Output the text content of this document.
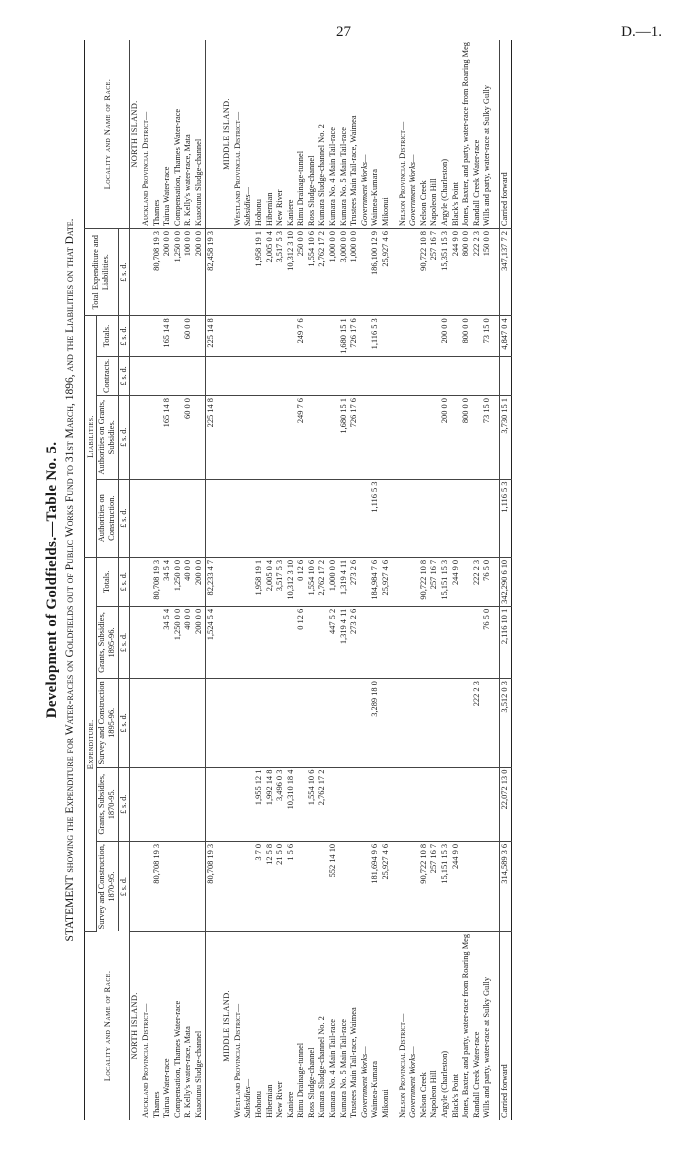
27	D.—1.
Development of Goldfields.—Table No. 5. STATEMENT showing the Expenditure for Water-races on Goldfields out of Public Works Fund to 31st March, 1896, and the Liabilities on that Date.
Locality and Name of Race.	Expenditure.					Liabilities.				Total Expenditure and Liabilities.	Locality and Name of Race.
	Survey and Construction, 1870-95.	Grants, Subsidies, 1870-95.	Survey and Construction 1895-96.	Grants, Subsidies, 1895-96.	Totals.	Authorities on Construction.	Authorities on Grants, Subsidies.	Contracts.	Totals.		
	£ s. d.	£ s. d.	£ s. d.	£ s. d.	£ s. d.	£ s. d.	£ s. d.	£ s. d.	£ s. d.	£ s. d.	
NORTH ISLAND.											NORTH ISLAND.
Auckland Provincial District—											Auckland Provincial District—
Thames	80,708 19 3				80,708 19 3					80,708 19 3	Thames
Tairua Water-race				34 5 4	34 5 4		165 14 8		165 14 8	200 0 0	Tairua Water-race
Compensation, Thames Water-race				1,250 0 0	1,250 0 0					1,250 0 0	Compensation, Thames Water-race
R. Kelly's water-race, Mata				40 0 0	40 0 0		60 0 0		60 0 0	100 0 0	R. Kelly's water-race, Mata
Kuaotunu Sludge-channel				200 0 0	200 0 0					200 0 0	Kuaotunu Sludge-channel
	80,708 19 3			1,524 5 4	82,233 4 7		225 14 8		225 14 8	82,458 19 3	

MIDDLE ISLAND.											MIDDLE ISLAND.
Westland Provincial District—											Westland Provincial District—
Subsidies—											Subsidies—
Hohonu	3 7 0	1,955 12 1			1,958 19 1					1,958 19 1	Hohonu
Hibernian	12 5 8	1,992 14 8			2,005 0 4					2,005 0 4	Hibernian
New River	21 5 0	3,496 0 3			3,517 5 3					3,517 5 3	New River
Kaniere	1 5 6	10,310 18 4			10,312 3 10					10,312 3 10	Kaniere
Rimu Drainage-tunnel				0 12 6	0 12 6		249 7 6		249 7 6	250 0 0	Rimu Drainage-tunnel
Ross Sludge-channel		1,554 10 6			1,554 10 6					1,554 10 6	Ross Sludge-channel
Kumara Sludge-channel No. 2		2,762 17 2			2,762 17 2					2,762 17 2	Kumara Sludge-channel No. 2
Kumara No. 4 Main Tail-race	552 14 10			447 5 2	1,000 0 0					1,000 0 0	Kumara No. 4 Main Tail-race
Kumara No. 5 Main Tail-race				1,319 4 11	1,319 4 11		1,680 15 1		1,680 15 1	3,000 0 0	Kumara No. 5 Main Tail-race
Trustees Main Tail-race, Waimea				273 2 6	273 2 6		726 17 6		726 17 6	1,000 0 0	Trustees Main Tail-race, Waimea
Government Works—											Government Works—
Waimea-Kumara	181,694 9 6		3,289 18 0		184,984 7 6	1,116 5 3			1,116 5 3	186,100 12 9	Waimea-Kumara
Mikonui	25,927 4 6				25,927 4 6					25,927 4 6	Mikonui

Nelson Provincial District—											Nelson Provincial District—
Government Works—											Government Works—
Nelson Creek	90,722 10 8				90,722 10 8					90,722 10 8	Nelson Creek
Napoleon Hill	257 16 7				257 16 7					257 16 7	Napoleon Hill
Argyle (Charleston)	15,151 15 3				15,151 15 3		200 0 0		200 0 0	15,351 15 3	Argyle (Charleston)
Black's Point	244 9 0				244 9 0					244 9 0	Black's Point
Jones, Baxter, and party, water-race from Roaring Meg							800 0 0		800 0 0	800 0 0	Jones, Baxter, and party, water-race from Roaring Meg
Randall Creek Water-race			222 2 3		222 2 3					222 2 3	Randall Creek Water-race
Wills and party, water-race at Sulky Gully				76 5 0	76 5 0		73 15 0		73 15 0	150 0 0	Wills and party, water-race at Sulky Gully

Carried forward	314,589 3 6	22,072 13 0	3,512 0 3	2,116 10 1	342,290 6 10	1,116 5 3	3,730 15 1		4,847 0 4	347,137 7 2	Carried forward
